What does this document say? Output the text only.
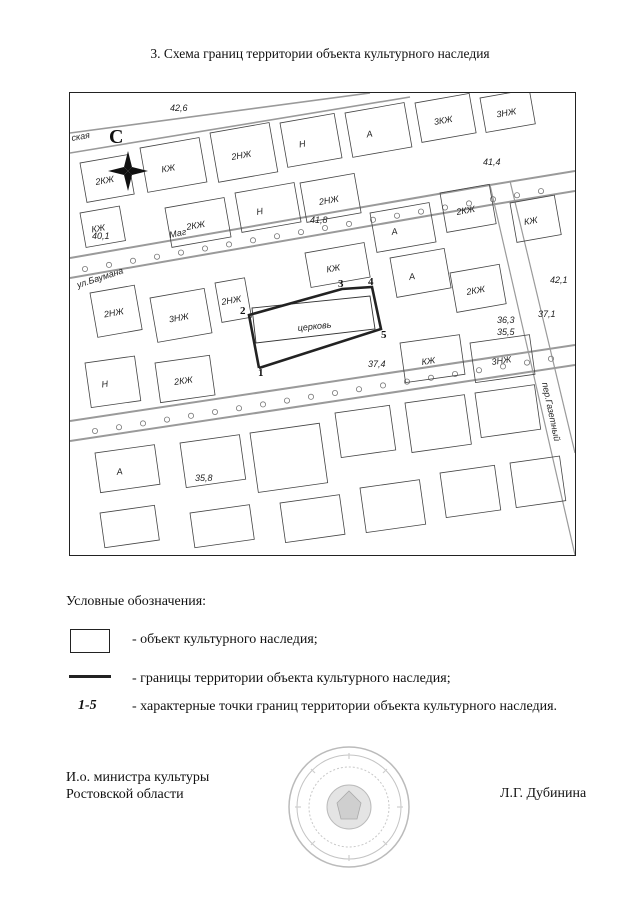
3. Схема границ территории объекта культурного наследия
2КЖ
КЖ
2НЖ
Н
А
3КЖ
3НЖ
КЖ	2КЖ
Н
2НЖ
А
2КЖ
КЖ
2НЖ	3НЖ
2НЖ
КЖ
А
2КЖ
Н	2КЖ
КЖ	3НЖ
А
С
ул.Баумана
пер.Газетный
Маг
ская
церковь
1
2
3 4
5
42,6
40,1
41,8
41,4
42,1
37,1
36,3
35,5
37,4
35,8
Условные обозначения:
- объект культурного наследия;
- границы территории объекта культурного наследия;
1-5	- характерные точки границ территории объекта культурного наследия.
И.о. министра культуры
Ростовской области	Л.Г. Дубинина
